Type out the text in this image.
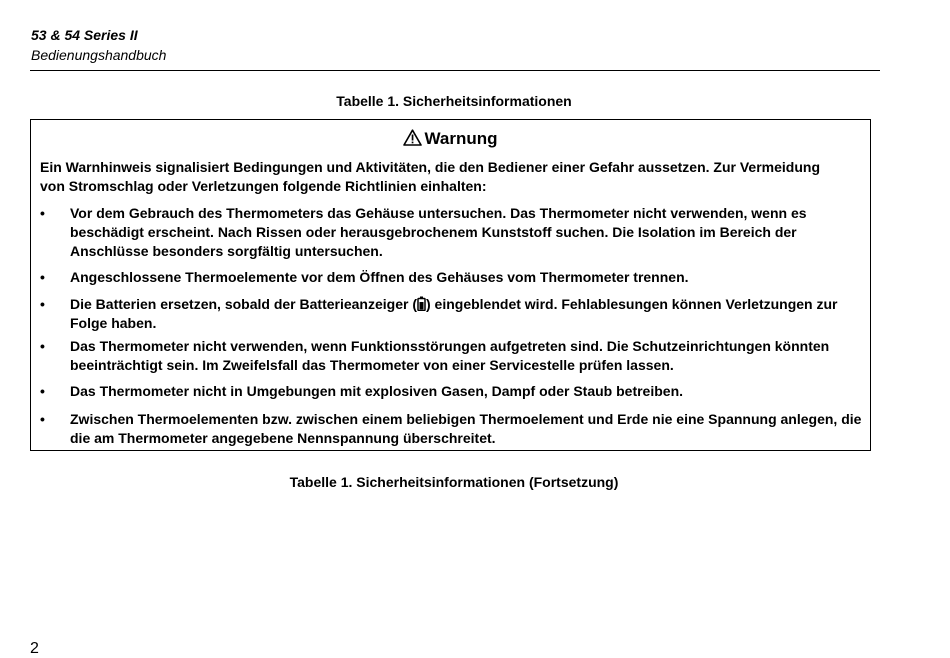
53 & 54 Series II
Bedienungshandbuch
Tabelle 1. Sicherheitsinformationen
Warnung
Ein Warnhinweis signalisiert Bedingungen und Aktivitäten, die den Bediener einer Gefahr aussetzen. Zur Vermeidung von Stromschlag oder Verletzungen folgende Richtlinien einhalten:
•	Vor dem Gebrauch des Thermometers das Gehäuse untersuchen. Das Thermometer nicht verwenden, wenn es beschädigt erscheint. Nach Rissen oder herausgebrochenem Kunststoff suchen. Die Isolation im Bereich der Anschlüsse besonders sorgfältig untersuchen.
•	Angeschlossene Thermoelemente vor dem Öffnen des Gehäuses vom Thermometer trennen.
•	Die Batterien ersetzen, sobald der Batterieanzeiger ( ) eingeblendet wird. Fehlablesungen können Verletzungen zur Folge haben.
•	Das Thermometer nicht verwenden, wenn Funktionsstörungen aufgetreten sind. Die Schutzeinrichtungen könnten beeinträchtigt sein. Im Zweifelsfall das Thermometer von einer Servicestelle prüfen lassen.
•	Das Thermometer nicht in Umgebungen mit explosiven Gasen, Dampf oder Staub betreiben.
•	Zwischen Thermoelementen bzw. zwischen einem beliebigen Thermoelement und Erde nie eine Spannung anlegen, die die am Thermometer angegebene Nennspannung überschreitet.
Tabelle 1. Sicherheitsinformationen (Fortsetzung)
2
